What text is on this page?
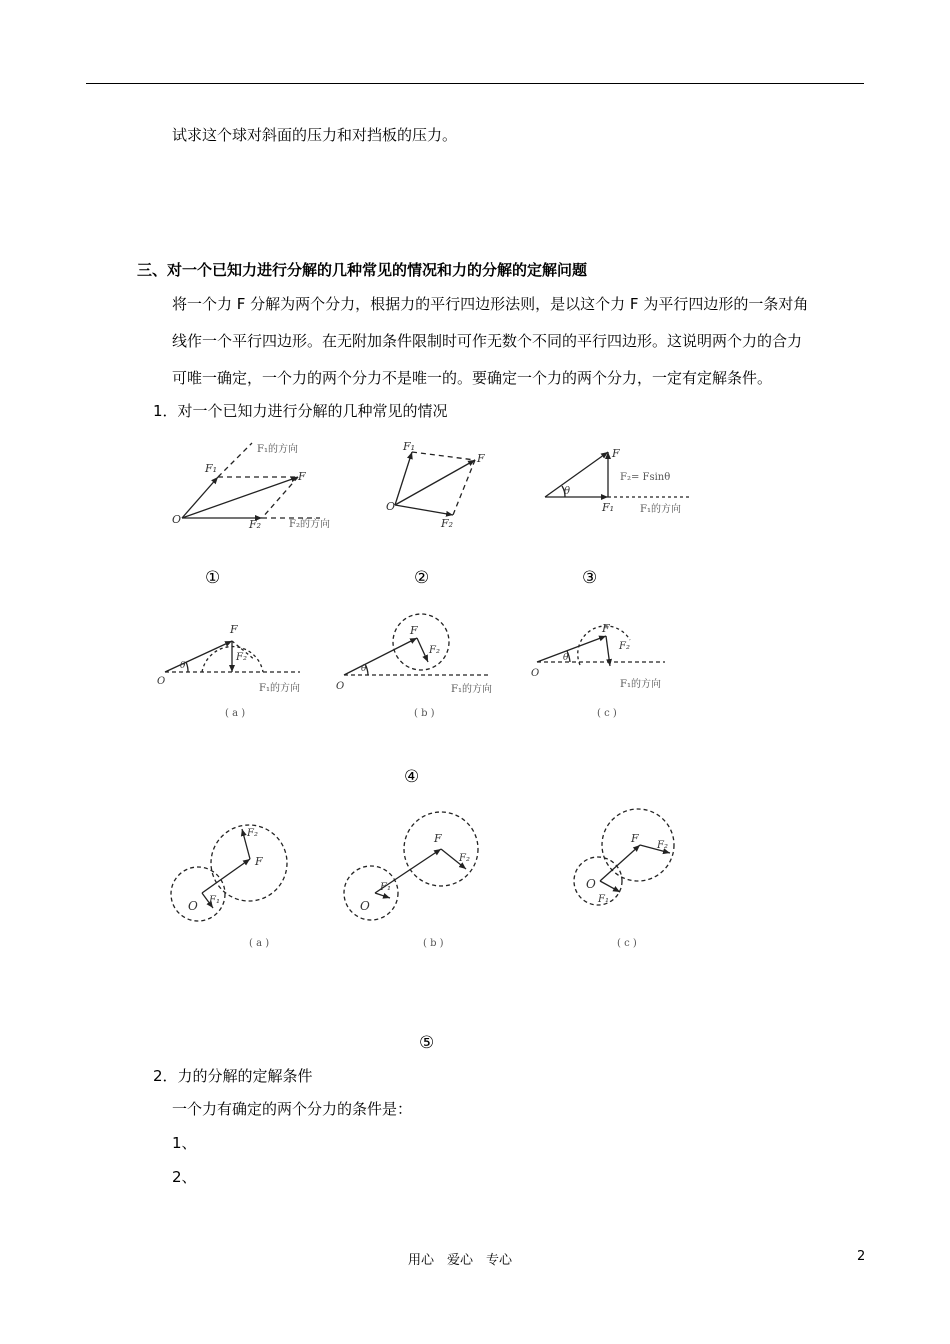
试求这个球对斜面的压力和对挡板的压力。
三、对一个已知力进行分解的几种常见的情况和力的分解的定解问题
将一个力 F 分解为两个分力，根据力的平行四边形法则，是以这个力 F 为平行四边形的一条对角
线作一个平行四边形。在无附加条件限制时可作无数个不同的平行四边形。这说明两个力的合力
可唯一确定，一个力的两个分力不是唯一的。要确定一个力的两个分力，一定有定解条件。
1．对一个已知力进行分解的几种常见的情况
O
F₁
F
F₂
F₁的方向
F₂的方向
①
O
F₁
F
F₂
②
θ
F
F₂= Fsinθ
F₁	F₁的方向
③
O
θ
F
F₂
F₁的方向
( a )
O
θ
F
F₂
F₁的方向
( b )
O
θ
F
F₂
F₁的方向
( c )
④
O F₁
F
F₂
( a )
O
F₁
F
F₂
( b )
O
F₁
F
F₂
( c )
⑤
2．力的分解的定解条件
一个力有确定的两个分力的条件是：
1、
2、
用心　爱心　专心	2
